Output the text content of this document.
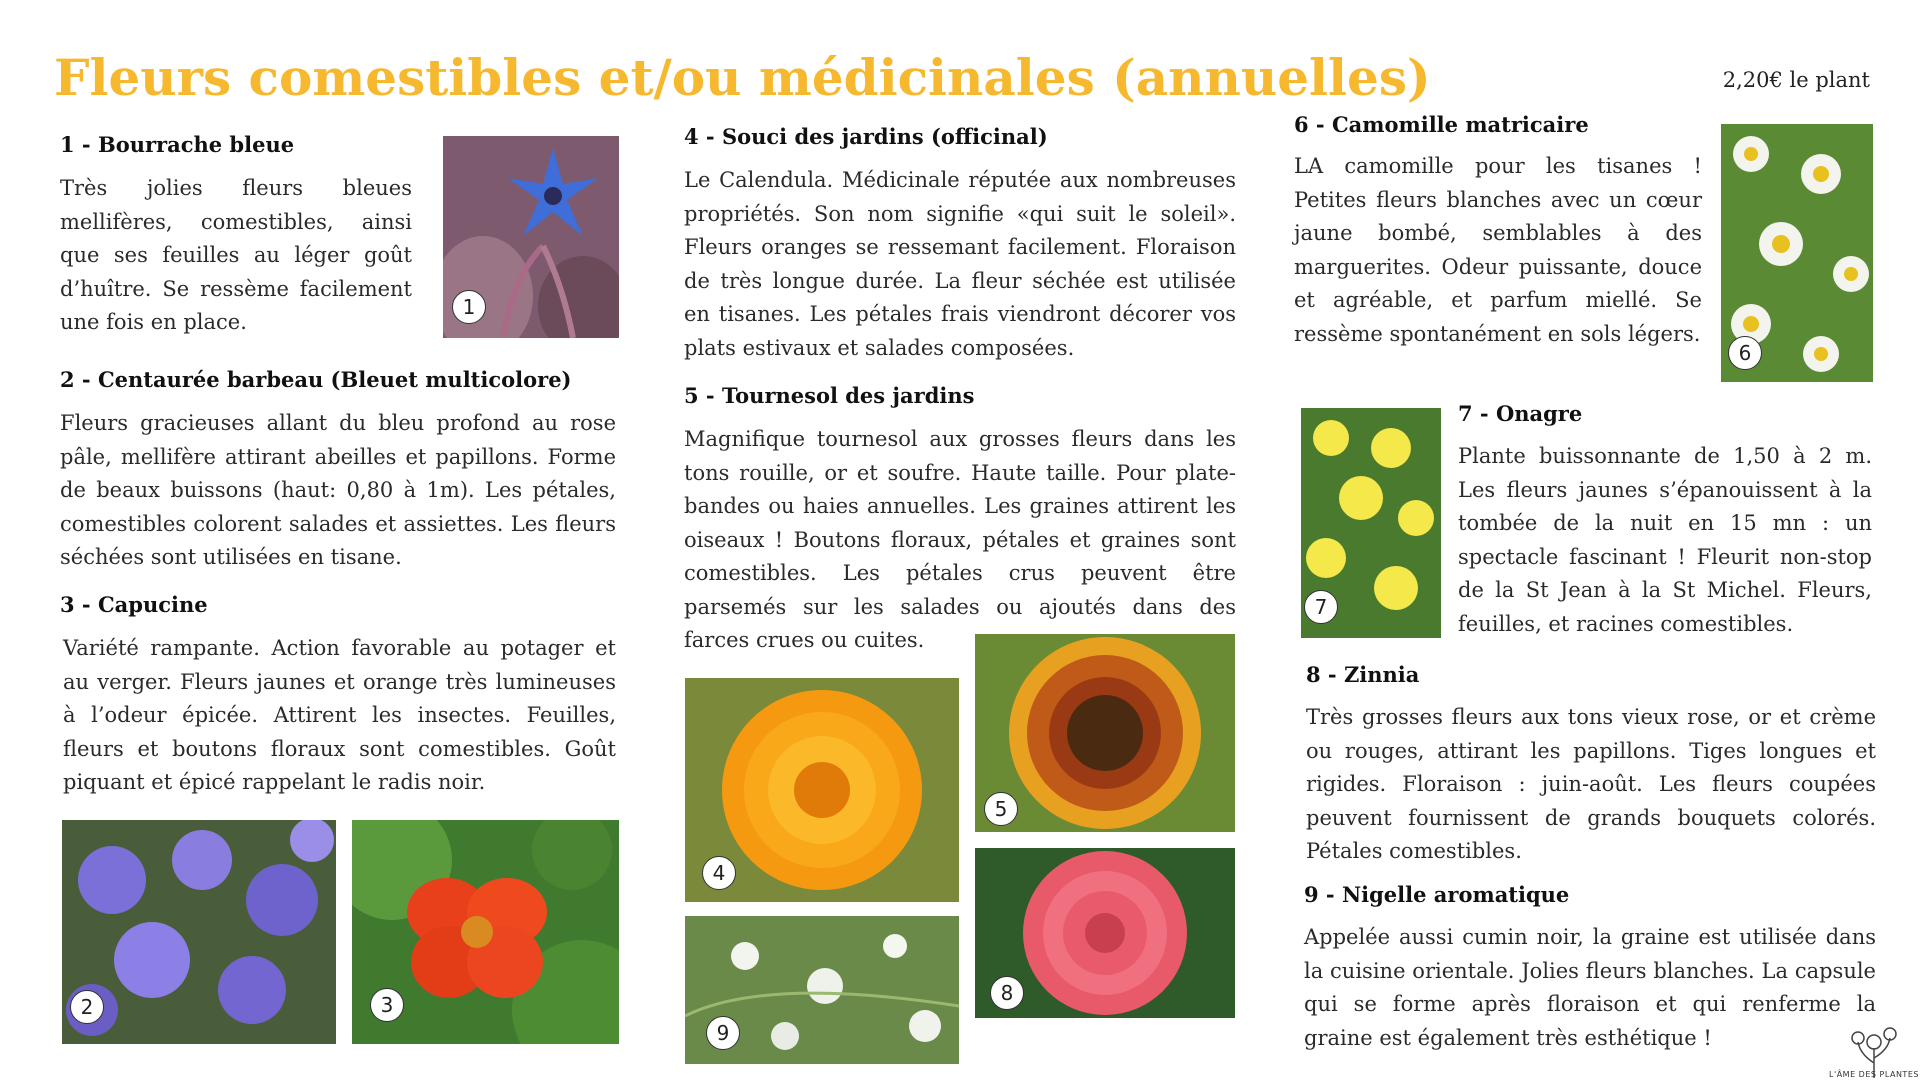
Fleurs comestibles et/ou médicinales (annuelles)	2,20€ le plant
1 - Bourrache bleue

Très jolies fleurs bleues mellifères, comestibles, ainsi que ses feuilles au léger goût d’huître. Se ressème facilement une fois en place.

1
2 - Centaurée barbeau (Bleuet multicolore)

Fleurs gracieuses allant du bleu profond au rose pâle, mellifère attirant abeilles et papillons. Forme de beaux buissons (haut: 0,80 à 1m). Les pétales, comestibles colorent salades et assiettes. Les fleurs séchées sont utilisées en tisane.

3 - Capucine

Variété rampante. Action favorable au potager et au verger. Fleurs jaunes et orange très lumineuses à l’odeur épicée. Attirent les insectes. Feuilles, fleurs et boutons floraux sont comestibles. Goût piquant et épicé rappelant le radis noir.

2	3
4 - Souci des jardins (officinal)

Le Calendula. Médicinale réputée aux nombreuses propriétés. Son nom signifie «qui suit le soleil». Fleurs oranges se ressemant facilement. Floraison de très longue durée. La fleur séchée est utilisée en tisanes. Les pétales frais viendront décorer vos plats estivaux et salades composées.

5 - Tournesol des jardins

Magnifique tournesol aux grosses fleurs dans les tons rouille, or et soufre. Haute taille. Pour plate-bandes ou haies annuelles. Les graines attirent les oiseaux ! Boutons floraux, pétales et graines sont comestibles. Les pétales crus peuvent être parsemés sur les salades ou ajoutés dans des farces crues ou cuites.

4
5
9
8
6 - Camomille matricaire

LA camomille pour les tisanes ! Petites fleurs blanches avec un cœur jaune bombé, semblables à des marguerites. Odeur puissante, douce et agréable, et parfum miellé. Se ressème spontanément en sols légers.

6
7
7 - Onagre

Plante buissonnante de 1,50 à 2 m. Les fleurs jaunes s’épanouissent à la tombée de la nuit en 15 mn : un spectacle fascinant ! Fleurit non-stop de la St Jean à la St Michel. Fleurs, feuilles, et racines comestibles.

8 - Zinnia

Très grosses fleurs aux tons vieux rose, or et crème ou rouges, attirant les papillons. Tiges longues et rigides. Floraison : juin-août. Les fleurs coupées peuvent fournissent de grands bouquets colorés. Pétales comestibles.

9 - Nigelle aromatique

Appelée aussi cumin noir, la graine est utilisée dans la cuisine orientale. Jolies fleurs blanches. La capsule qui se forme après floraison et qui renferme la graine est également très esthétique !

L'ÂME DES PLANTES
